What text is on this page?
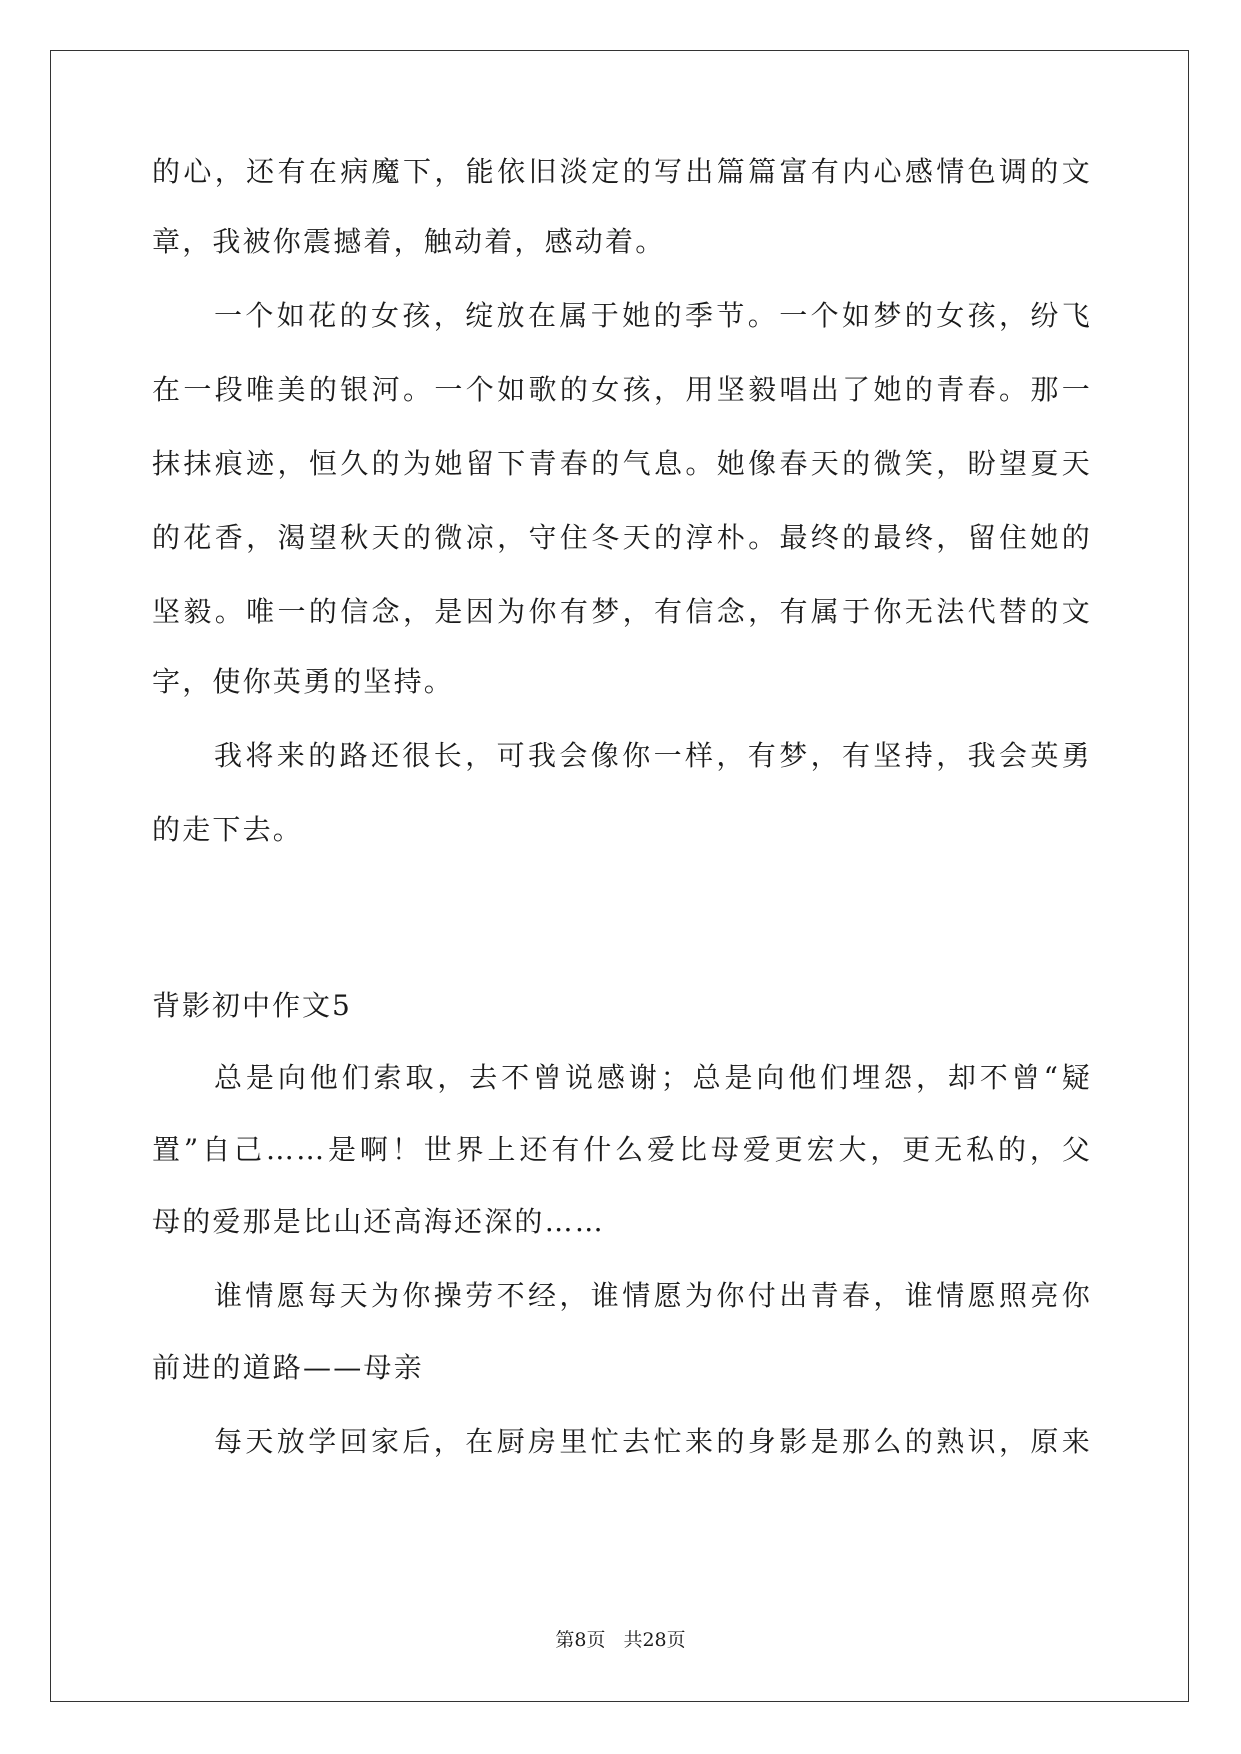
的心，还有在病魔下，能依旧淡定的写出篇篇富有内心感情色调的文
章，我被你震撼着，触动着，感动着。
一个如花的女孩，绽放在属于她的季节。一个如梦的女孩，纷飞
在一段唯美的银河。一个如歌的女孩，用坚毅唱出了她的青春。那一
抹抹痕迹，恒久的为她留下青春的气息。她像春天的微笑，盼望夏天
的花香，渴望秋天的微凉，守住冬天的淳朴。最终的最终，留住她的
坚毅。唯一的信念，是因为你有梦，有信念，有属于你无法代替的文
字，使你英勇的坚持。
我将来的路还很长，可我会像你一样，有梦，有坚持，我会英勇
的走下去。
背影初中作文5
总是向他们索取，去不曾说感谢；总是向他们埋怨，却不曾“疑
置”自己……是啊！世界上还有什么爱比母爱更宏大，更无私的，父
母的爱那是比山还高海还深的……
谁情愿每天为你操劳不经，谁情愿为你付出青春，谁情愿照亮你
前进的道路——母亲
每天放学回家后，在厨房里忙去忙来的身影是那么的熟识，原来
第8页 共28页
